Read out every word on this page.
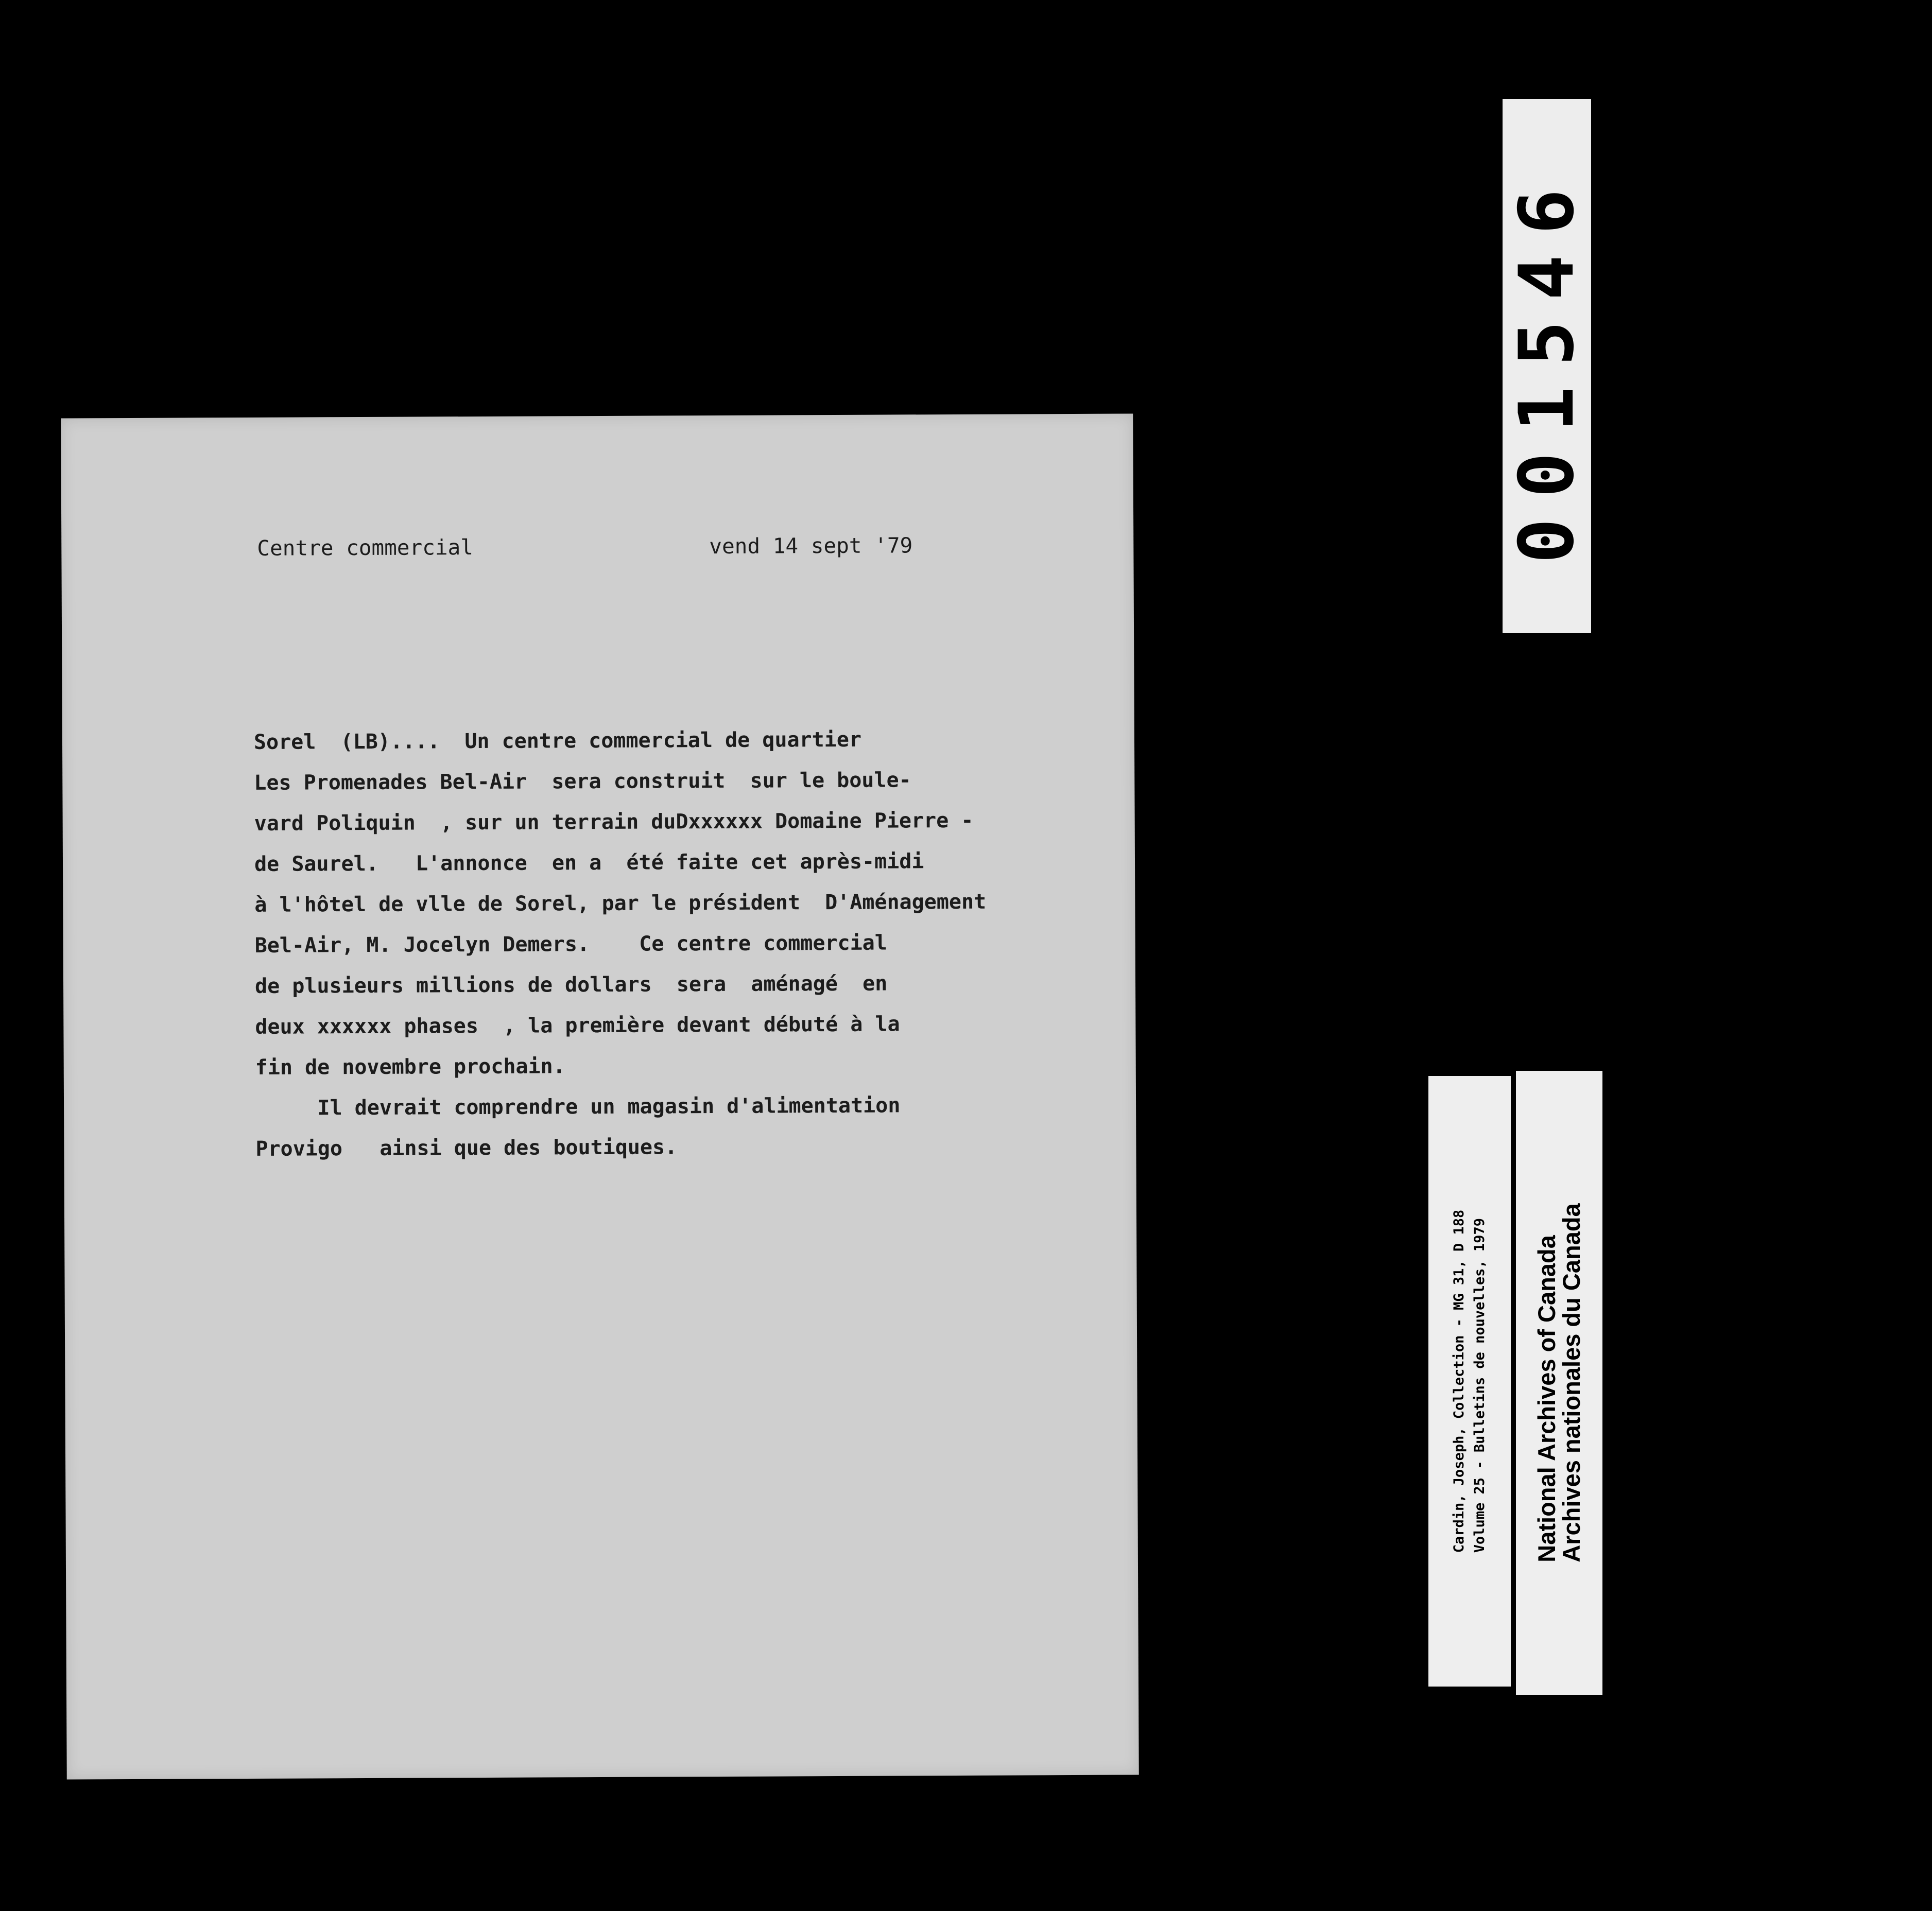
Centre commercial	vend 14 sept '79
Sorel  (LB)....  Un centre commercial de quartier
Les Promenades Bel-Air  sera construit  sur le boule-
vard Poliquin  , sur un terrain duDxxxxxx Domaine Pierre -
de Saurel.   L'annonce  en a  été faite cet après-midi
à l'hôtel de vlle de Sorel, par le président  D'Aménagement
Bel-Air, M. Jocelyn Demers.    Ce centre commercial
de plusieurs millions de dollars  sera  aménagé  en
deux xxxxxx phases  , la première devant débuté à la
fin de novembre prochain.
Il devrait comprendre un magasin d'alimentation
Provigo   ainsi que des boutiques.
001546
Cardin, Joseph, Collection - MG 31, D 188 Volume 25 - Bulletins de nouvelles, 1979 National Archives of Canada
Archives nationales du Canada
